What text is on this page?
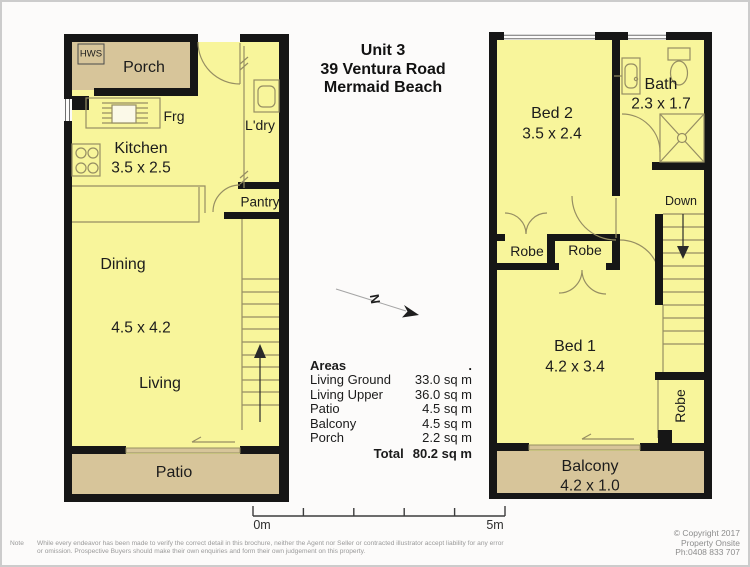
Unit 3
39 Ventura Road
Mermaid Beach
HWS
Porch
Frg
L'dry
Kitchen
3.5 x 2.5
Pantry
Dining
4.5 x 4.2
Living
Patio
Bed 2
3.5 x 2.4
Bath
2.3 x 1.7
Down
Robe Robe
Bed 1
4.2 x 3.4
Robe
Balcony
4.2 x 1.0
N
Areas	.
Living Ground 33.0 sq m
Living Upper 36.0 sq m
Patio	4.5 sq m
Balcony	4.5 sq m
Porch	2.2 sq m
Total 80.2 sq m
0m	5m
Note While every endeavor has been made to verify the correct detail in this brochure, neither the Agent nor Seller or contracted illustrator accept liability for any error or omission. Prospective Buyers should make their own enquiries and form their own judgement on this property.
© Copyright 2017
Property Onsite
Ph:0408 833 707
